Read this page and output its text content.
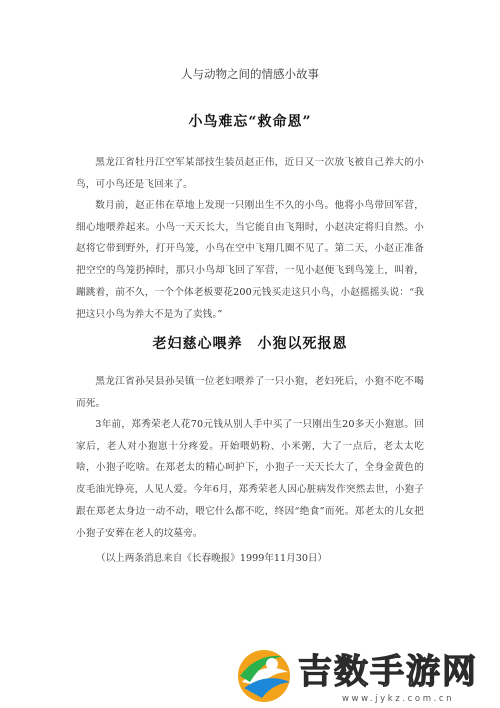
人与动物之间的情感小故事
小鸟难忘“救命恩”

黑龙江省牡丹江空军某部技生装员赵正伟，近日又一次放飞被自己养大的小鸟，可小鸟还是飞回来了。

数月前，赵正伟在草地上发现一只刚出生不久的小鸟。他将小鸟带回军营，细心地喂养起来。小鸟一天天长大，当它能自由飞翔时，小赵决定将归自然。小赵将它带到野外，打开鸟笼，小鸟在空中飞翔几圈不见了。第二天，小赵正准备把空空的鸟笼扔掉时，那只小鸟却飞回了军营，一见小赵便飞到鸟笼上，叫着，蹦跳着，前不久，一个个体老板要花200元钱买走这只小鸟，小赵摇摇头说：“我把这只小鸟为养大不是为了卖钱。”

老妇慈心喂养　小狍以死报恩

黑龙江省孙吴县孙吴镇一位老妇喂养了一只小狍，老妇死后，小狍不吃不喝而死。

3年前，郑秀荣老人花70元钱从别人手中买了一只刚出生20多天小狍崽。回家后，老人对小狍崽十分疼爱。开始喂奶粉、小米粥，大了一点后，老太太吃啥，小狍子吃啥。在郑老太的精心呵护下，小狍子一天天长大了，全身金黄色的皮毛油光铮亮，人见人爱。今年6月，郑秀荣老人因心脏病发作突然去世，小狍子跟在郑老太身边一动不动，喂它什么都不吃，终因“绝食”而死。郑老太的儿女把小狍子安葬在老人的坟墓旁。

（以上两条消息来自《长春晚报》1999年11月30日）
吉数手游网
www.jykz.com.cn
